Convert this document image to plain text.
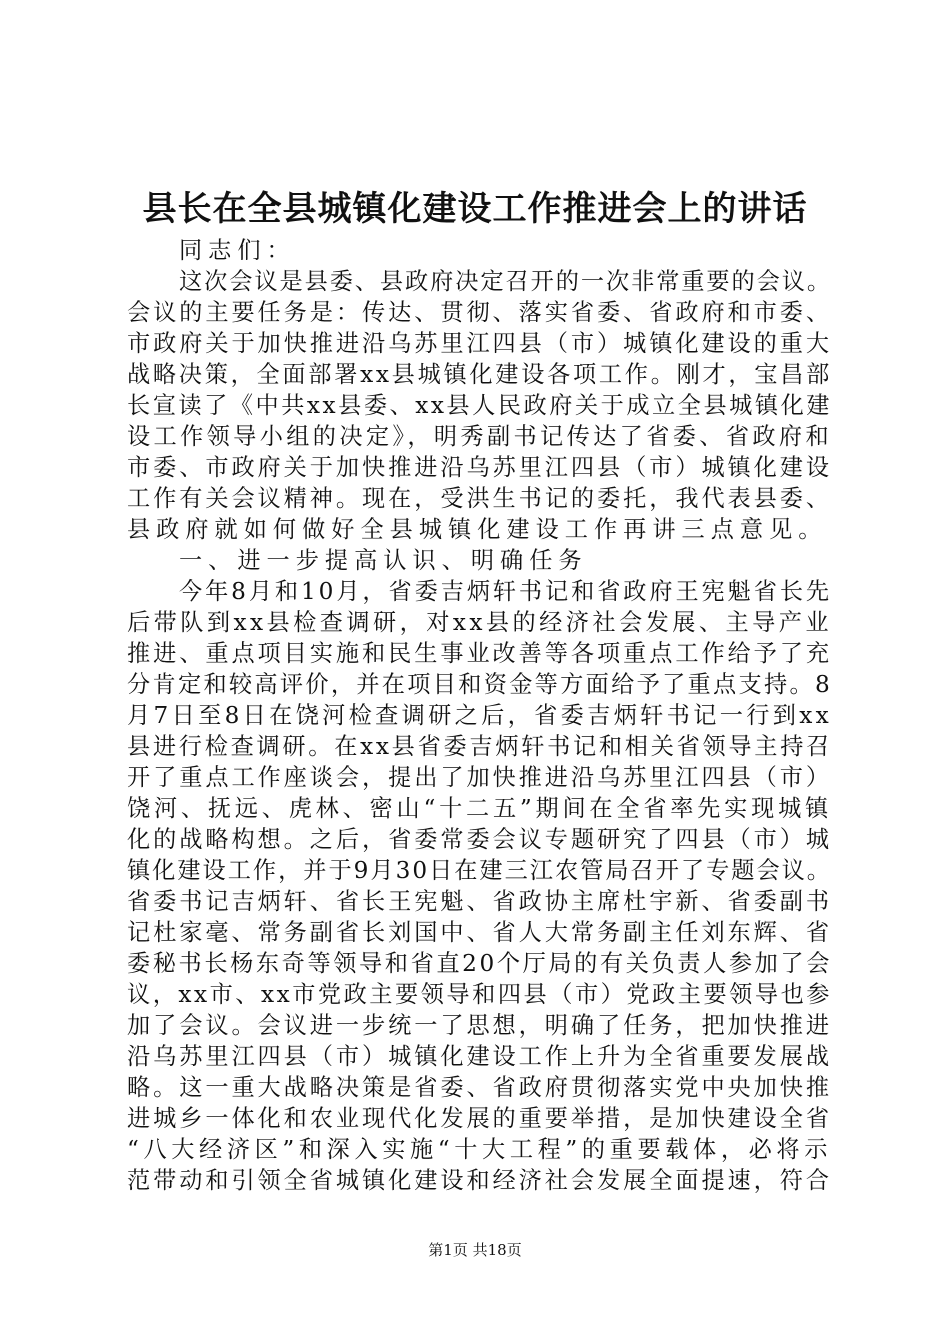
县长在全县城镇化建设工作推进会上的讲话
同志们：
这次会议是县委、县政府决定召开的一次非常重要的会议。
会议的主要任务是：传达、贯彻、落实省委、省政府和市委、
市政府关于加快推进沿乌苏里江四县（市）城镇化建设的重大
战略决策，全面部署xx县城镇化建设各项工作。刚才，宝昌部
长宣读了《中共xx县委、xx县人民政府关于成立全县城镇化建
设工作领导小组的决定》，明秀副书记传达了省委、省政府和
市委、市政府关于加快推进沿乌苏里江四县（市）城镇化建设
工作有关会议精神。现在，受洪生书记的委托，我代表县委、
县政府就如何做好全县城镇化建设工作再讲三点意见。
一、进一步提高认识、明确任务
今年8月和10月，省委吉炳轩书记和省政府王宪魁省长先
后带队到xx县检查调研，对xx县的经济社会发展、主导产业
推进、重点项目实施和民生事业改善等各项重点工作给予了充
分肯定和较高评价，并在项目和资金等方面给予了重点支持。8
月7日至8日在饶河检查调研之后，省委吉炳轩书记一行到xx
县进行检查调研。在xx县省委吉炳轩书记和相关省领导主持召
开了重点工作座谈会，提出了加快推进沿乌苏里江四县（市）
饶河、抚远、虎林、密山“十二五”期间在全省率先实现城镇
化的战略构想。之后，省委常委会议专题研究了四县（市）城
镇化建设工作，并于9月30日在建三江农管局召开了专题会议。
省委书记吉炳轩、省长王宪魁、省政协主席杜宇新、省委副书
记杜家毫、常务副省长刘国中、省人大常务副主任刘东辉、省
委秘书长杨东奇等领导和省直20个厅局的有关负责人参加了会
议，xx市、xx市党政主要领导和四县（市）党政主要领导也参
加了会议。会议进一步统一了思想，明确了任务，把加快推进
沿乌苏里江四县（市）城镇化建设工作上升为全省重要发展战
略。这一重大战略决策是省委、省政府贯彻落实党中央加快推
进城乡一体化和农业现代化发展的重要举措，是加快建设全省
“八大经济区”和深入实施“十大工程”的重要载体，必将示
范带动和引领全省城镇化建设和经济社会发展全面提速，符合
第1页 共18页
